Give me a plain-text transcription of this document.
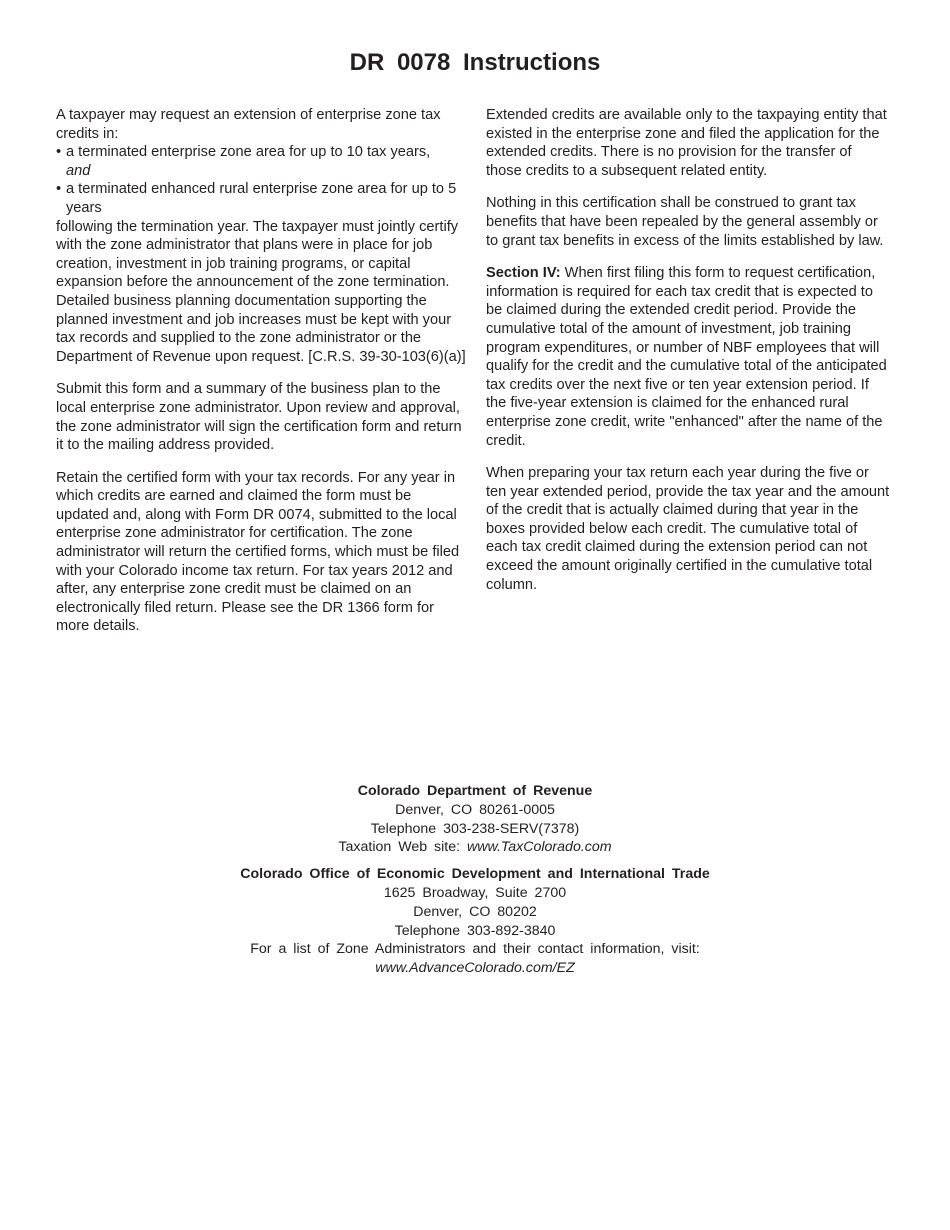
DR 0078 Instructions

A taxpayer may request an extension of enterprise zone tax credits in:
• a terminated enterprise zone area for up to 10 tax years,
and
• a terminated enhanced rural enterprise zone area for up to 5 years
following the termination year. The taxpayer must jointly certify with the zone administrator that plans were in place for job creation, investment in job training programs, or capital expansion before the announcement of the zone termination. Detailed business planning documentation supporting the planned investment and job increases must be kept with your tax records and supplied to the zone administrator or the Department of Revenue upon request. [C.R.S. 39-30-103(6)(a)]

Submit this form and a summary of the business plan to the local enterprise zone administrator. Upon review and approval, the zone administrator will sign the certification form and return it to the mailing address provided.

Retain the certified form with your tax records. For any year in which credits are earned and claimed the form must be updated and, along with Form DR 0074, submitted to the local enterprise zone administrator for certification. The zone administrator will return the certified forms, which must be filed with your Colorado income tax return. For tax years 2012 and after, any enterprise zone credit must be claimed on an electronically filed return. Please see the DR 1366 form for more details.

Extended credits are available only to the taxpaying entity that existed in the enterprise zone and filed the application for the extended credits. There is no provision for the transfer of those credits to a subsequent related entity.

Nothing in this certification shall be construed to grant tax benefits that have been repealed by the general assembly or to grant tax benefits in excess of the limits established by law.

Section IV: When first filing this form to request certification, information is required for each tax credit that is expected to be claimed during the extended credit period. Provide the cumulative total of the amount of investment, job training program expenditures, or number of NBF employees that will qualify for the credit and the cumulative total of the anticipated tax credits over the next five or ten year extension period. If the five-year extension is claimed for the enhanced rural enterprise zone credit, write "enhanced" after the name of the credit.

When preparing your tax return each year during the five or ten year extended period, provide the tax year and the amount of the credit that is actually claimed during that year in the boxes provided below each credit. The cumulative total of each tax credit claimed during the extension period can not exceed the amount originally certified in the cumulative total column.

Colorado Department of Revenue
Denver, CO 80261-0005
Telephone 303-238-SERV(7378)
Taxation Web site: www.TaxColorado.com
Colorado Office of Economic Development and International Trade
1625 Broadway, Suite 2700
Denver, CO 80202
Telephone 303-892-3840
For a list of Zone Administrators and their contact information, visit:
www.AdvanceColorado.com/EZ
